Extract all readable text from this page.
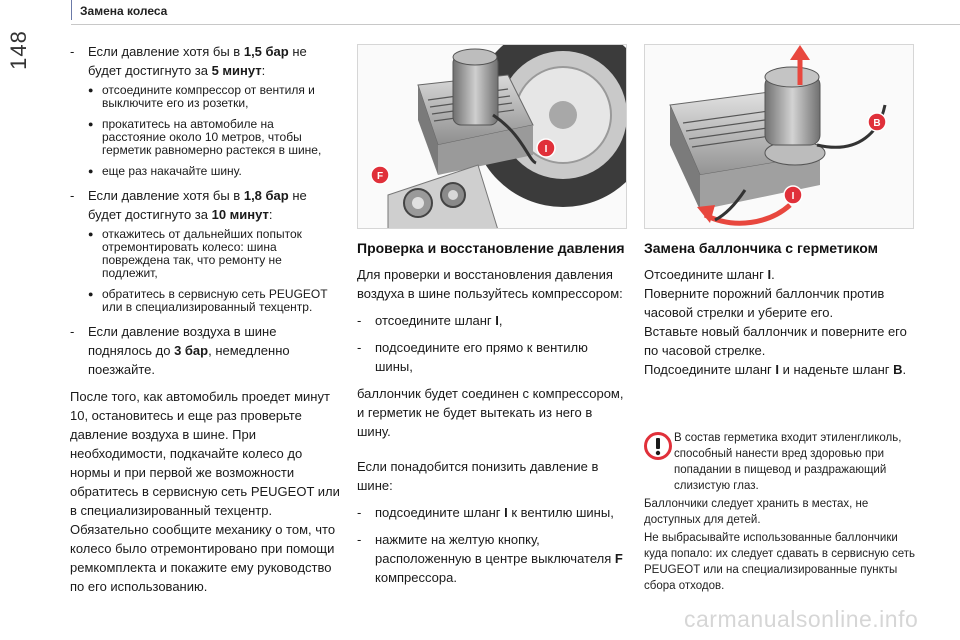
148
Замена колеса
- Если давление хотя бы в 1,5 бар не будет достигнуто за 5 минут:
● отсоедините компрессор от вентиля и выключите его из розетки,
● прокатитесь на автомобиле на расстояние около 10 метров, чтобы герметик равномерно растекся в шине,
● еще раз накачайте шину.
- Если давление хотя бы в 1,8 бар не будет достигнуто за 10 минут:
● откажитесь от дальнейших попыток отремонтировать колесо: шина повреждена так, что ремонту не подлежит,
● обратитесь в сервисную сеть PEUGEOT или в специализированный техцентр.
- Если давление воздуха в шине поднялось до 3 бар, немедленно поезжайте.

После того, как автомобиль проедет минут 10, остановитесь и еще раз проверьте давление воздуха в шине. При необходимости, подкачайте колесо до нормы и при первой же возможности обратитесь в сервисную сеть PEUGEOT или в специализированный техцентр. Обязательно сообщите механику о том, что колесо было отремонтировано при помощи ремкомплекта и покажите ему руководство по его использованию.

F
I
B
I
Проверка и восстановление давления

Для проверки и восстановления давления воздуха в шине пользуйтесь компрессором:

- отсоедините шланг I,
- подсоедините его прямо к вентилю шины,

баллончик будет соединен с компрессором, и герметик не будет вытекать из него в шину.

Если понадобится понизить давление в шине:

- подсоедините шланг I к вентилю шины,
- нажмите на желтую кнопку, расположенную в центре выключателя F компрессора.
Замена баллончика с герметиком

Отсоедините шланг I.

Поверните порожний баллончик против часовой стрелки и уберите его.

Вставьте новый баллончик и поверните его по часовой стрелке.

Подсоедините шланг I и наденьте шланг B.

В состав герметика входит этиленгликоль, способный нанести вред здоровью при попадании в пищевод и раздражающий слизистую глаз.

Баллончики следует хранить в местах, не доступных для детей.

Не выбрасывайте использованные баллончики куда попало: их следует сдавать в сервисную сеть PEUGEOT или на специализированные пункты сбора отходов.

carmanualsonline.info
